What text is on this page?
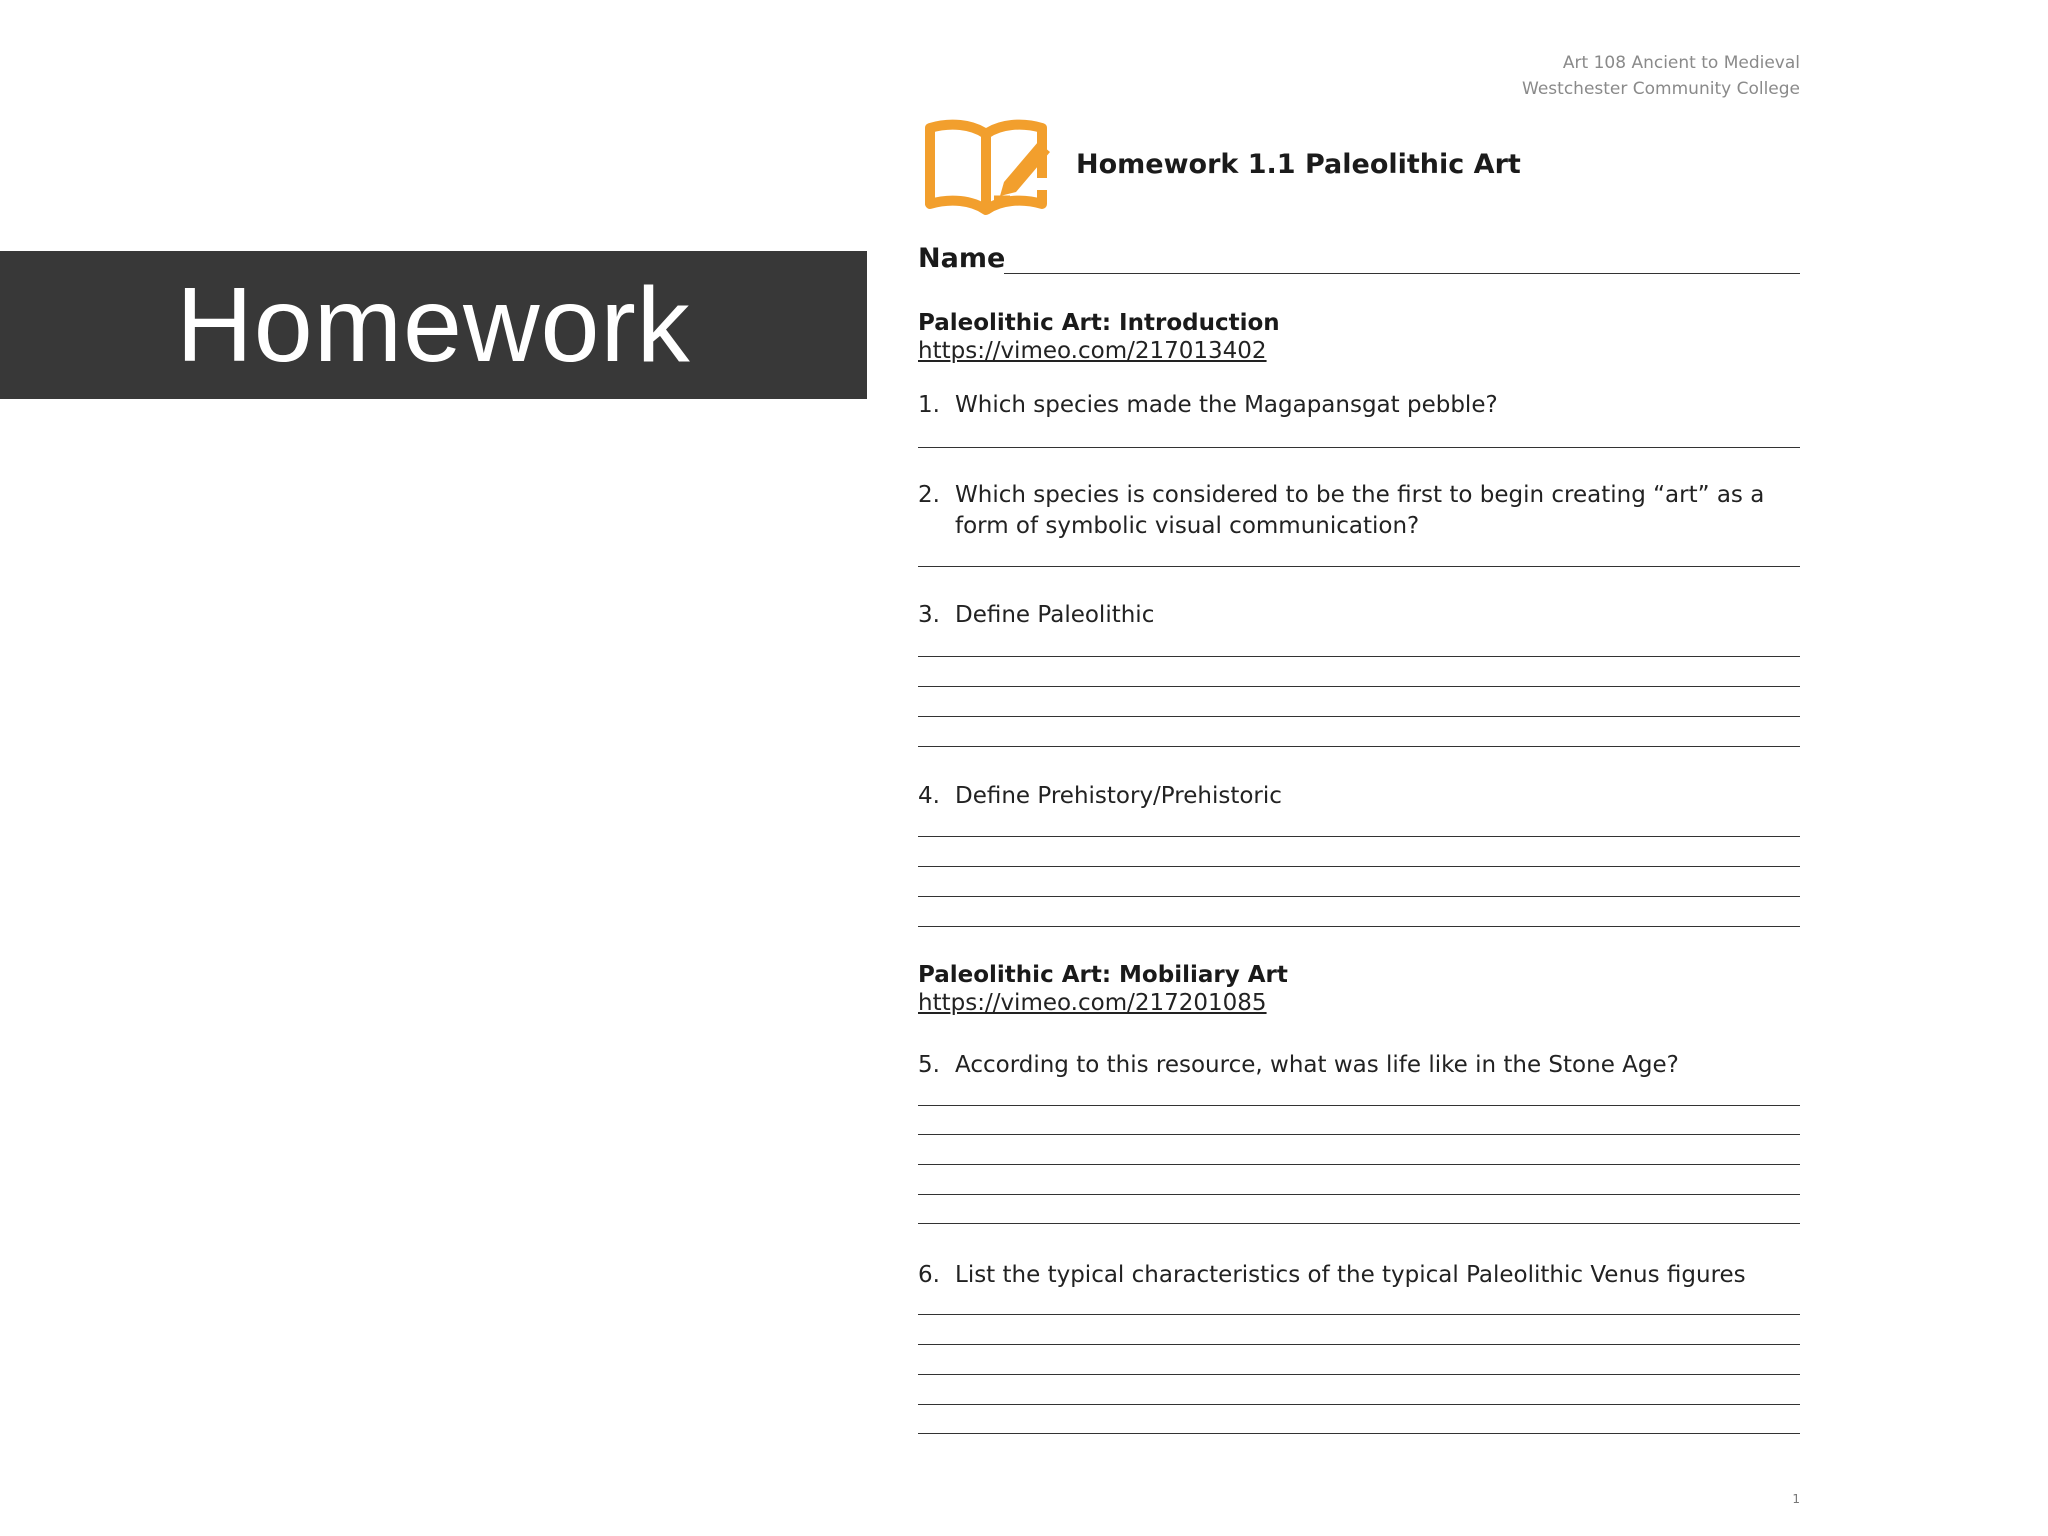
Homework
Art 108 Ancient to Medieval
Westchester Community College
Homework 1.1 Paleolithic Art
Name
Paleolithic Art: Introduction
https://vimeo.com/217013402
1. Which species made the Magapansgat pebble?
2. Which species is considered to be the first to begin creating “art” as a form of symbolic visual communication?
3. Define Paleolithic
4. Define Prehistory/Prehistoric
Paleolithic Art: Mobiliary Art
https://vimeo.com/217201085
5. According to this resource, what was life like in the Stone Age?
6. List the typical characteristics of the typical Paleolithic Venus figures
1
